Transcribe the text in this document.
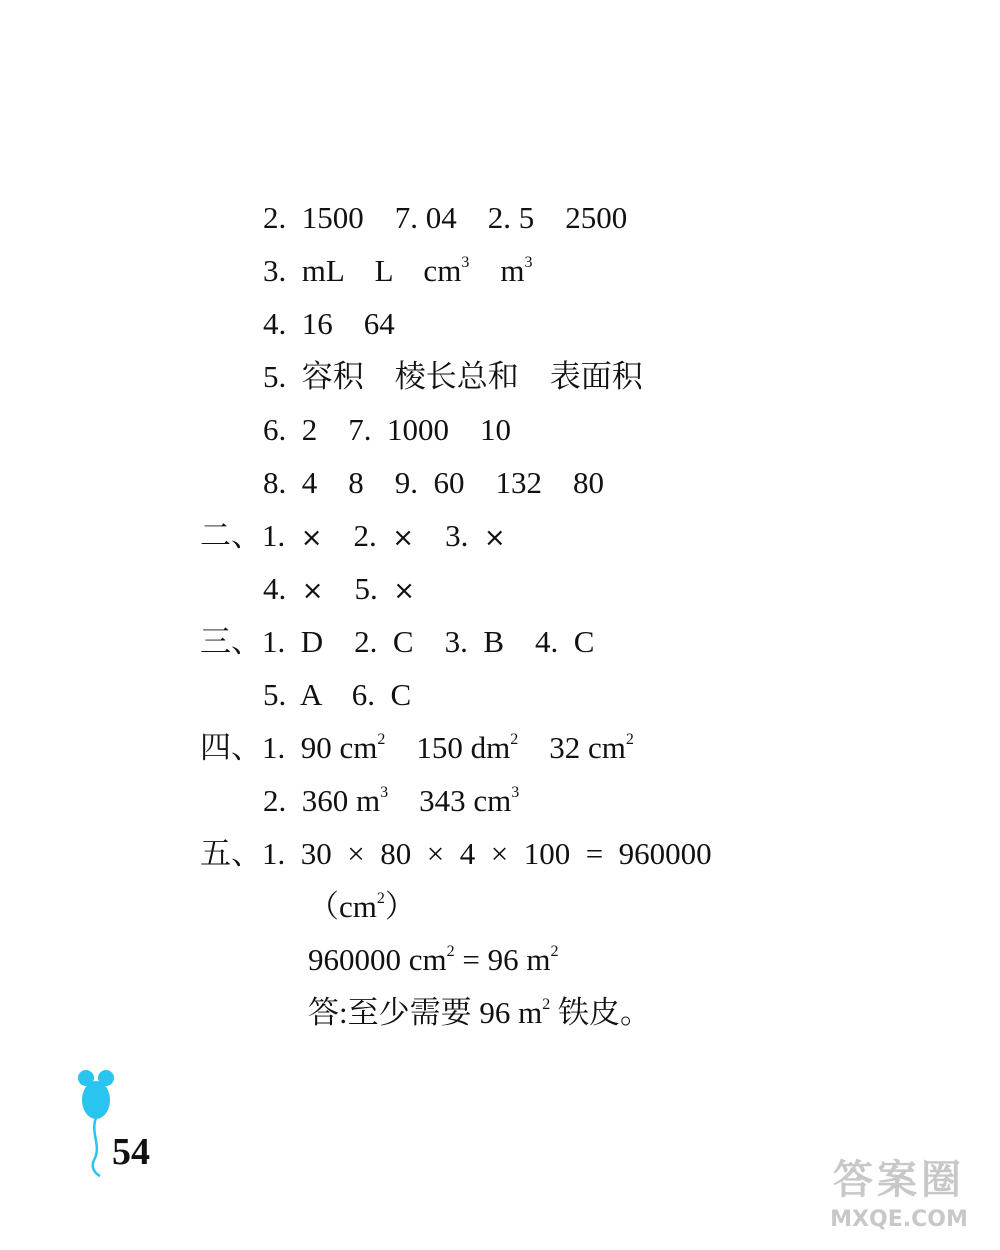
2. 1500    7. 04    2. 5    2500
3. mL    L    $cm^3$    $m^3$
4. 16    64
5. 容积    棱长总和    表面积
6. 2    7.  1000    10
8. 4    8    9.  60    132    80
二、1. ×    2.  ×    3.  ×
4. ×    5.  ×
三、1.  D    2.  C    3.  B    4.  C
5.  A    6.  C
四、1.  90 $cm^2$    150 $dm^2$    32 $cm^2$
2.  360 $m^3$    343 $cm^3$
五、1.  30  ×  80  ×  4  ×  100  =  960000
$(cm^2)$
960000 $cm^2 = 96$ $m^2$
答:至少需要 96 $m^2$ 铁皮。
54
答案圈
MXQE.COM
